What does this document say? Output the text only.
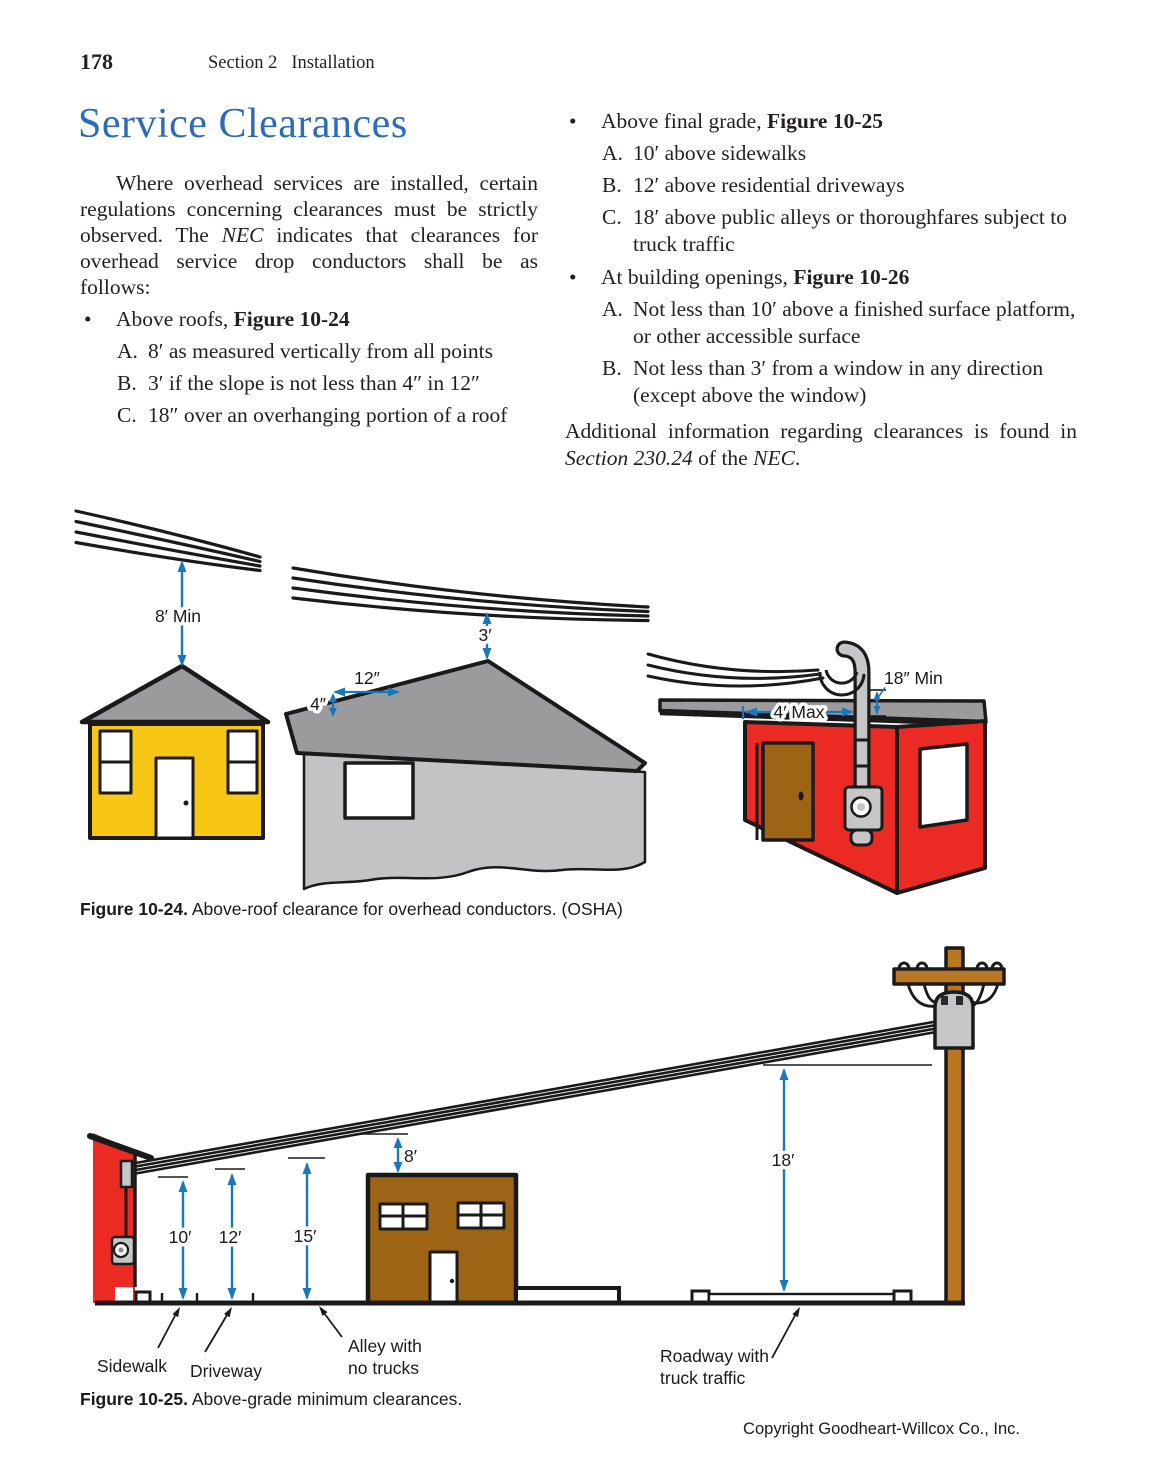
178	Section 2 Installation
Service Clearances

Where overhead services are installed, certain regulations concerning clearances must be strictly observed. The NEC indicates that clearances for overhead service drop conductors shall be as follows:

• Above roofs, Figure 10-24
A. 8′ as measured vertically from all points
B. 3′ if the slope is not less than 4″ in 12″
C. 18″ over an overhanging portion of a roof
• Above final grade, Figure 10-25
A. 10′ above sidewalks
B. 12′ above residential driveways
C. 18′ above public alleys or thoroughfares subject to truck traffic
• At building openings, Figure 10-26
A. Not less than 10′ above a finished surface platform, or other accessible surface
B. Not less than 3′ from a window in any direction (except above the window)

Additional information regarding clearances is found in Section 230.24 of the NEC.

8′ Min
3′
12″
4″
18″ Min
4′ Max
Figure 10-24. Above-roof clearance for overhead conductors. (OSHA)
10′ 12′	15′
8′	18′
Sidewalk Driveway
Alley with
no trucks
Roadway with
truck traffic
Figure 10-25. Above-grade minimum clearances.
Copyright Goodheart-Willcox Co., Inc.
